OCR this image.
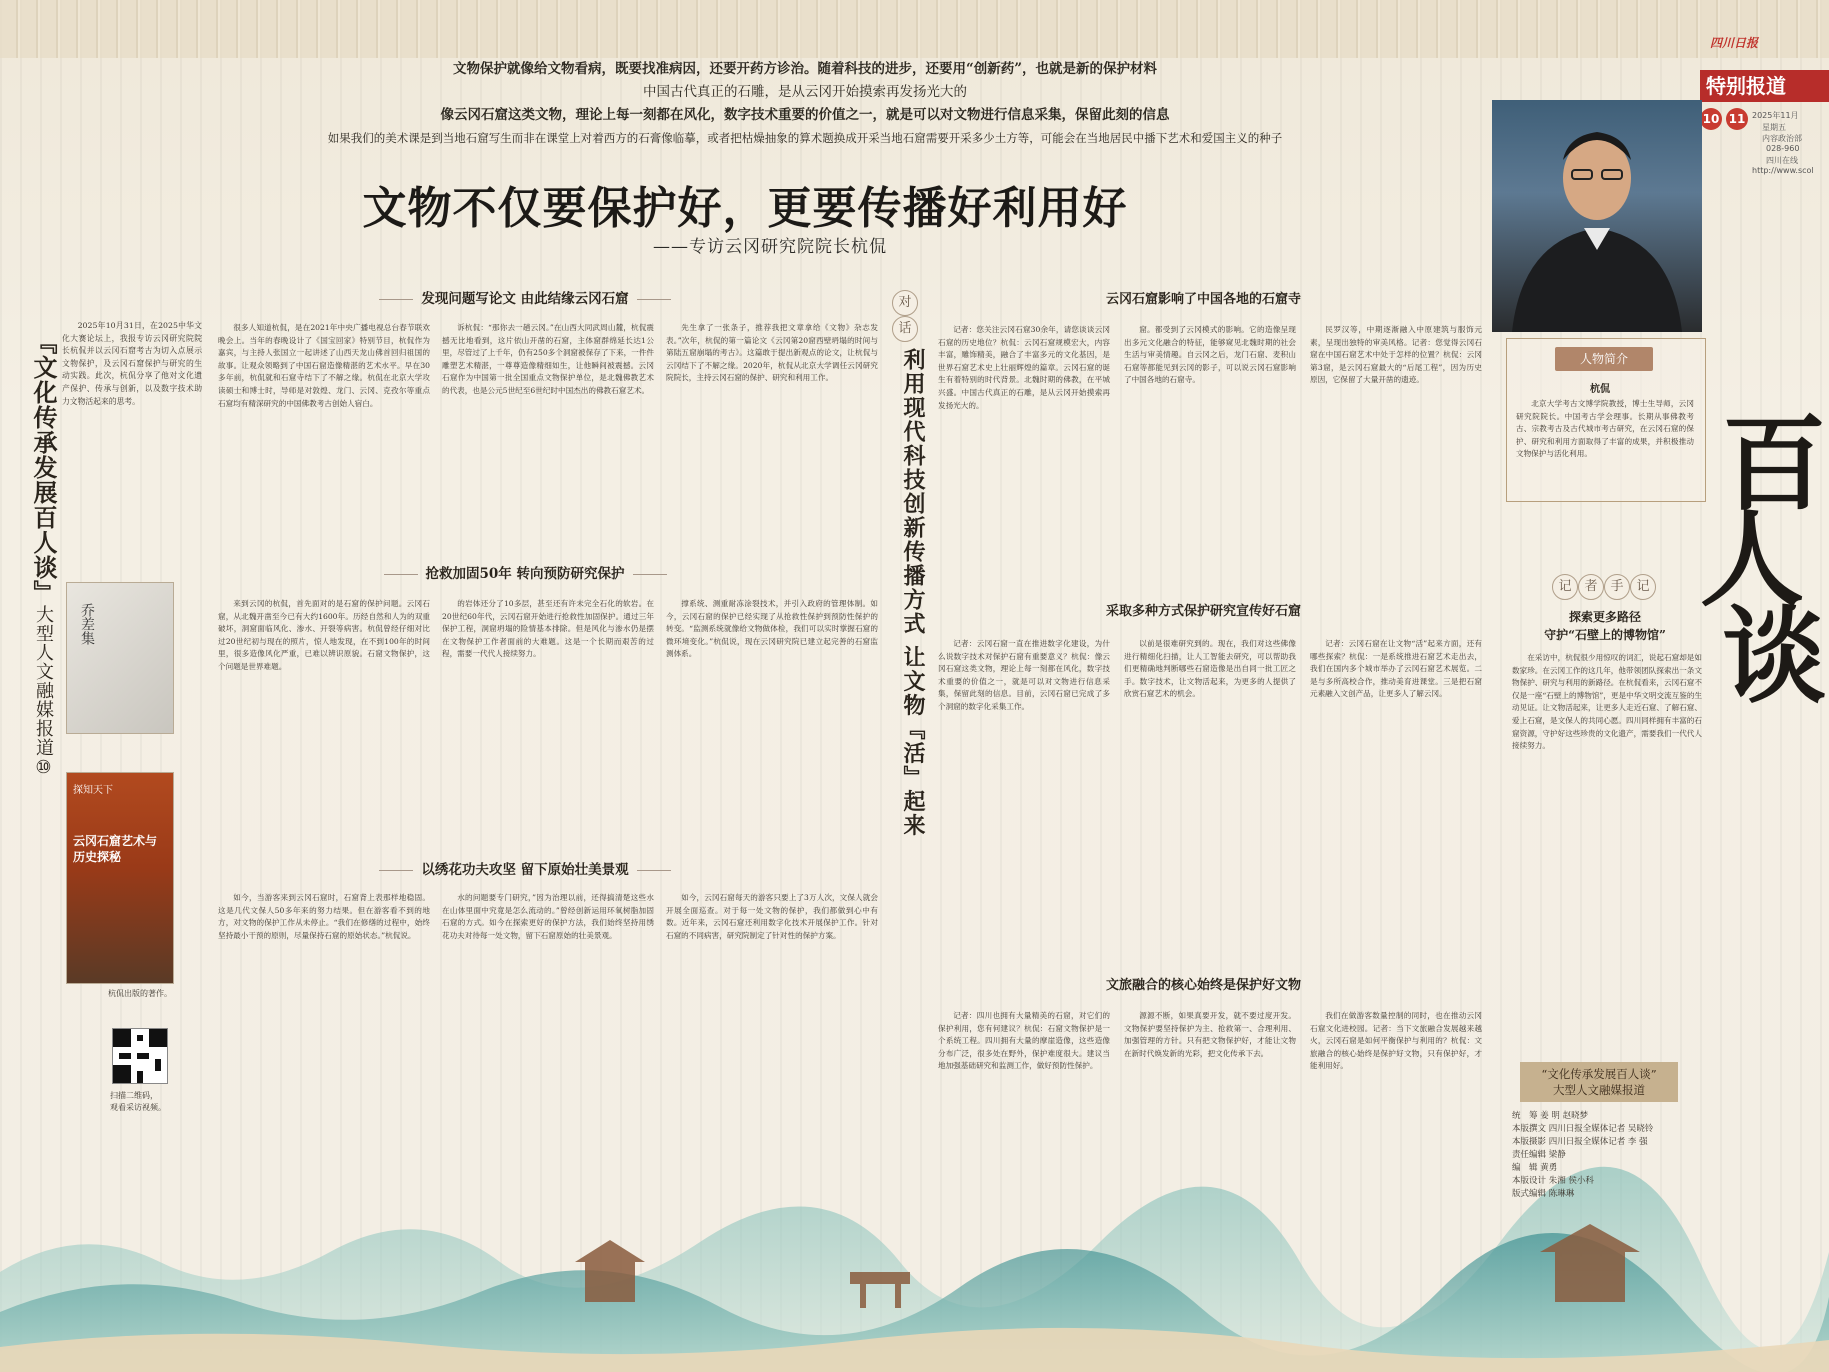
文物保护就像给文物看病，既要找准病因，还要开药方诊治。随着科技的进步，还要用“创新药”，也就是新的保护材料
中国古代真正的石雕，是从云冈开始摸索再发扬光大的
像云冈石窟这类文物，理论上每一刻都在风化，数字技术重要的价值之一，就是可以对文物进行信息采集，保留此刻的信息
如果我们的美术课是到当地石窟写生而非在课堂上对着西方的石膏像临摹，或者把枯燥抽象的算术题换成开采当地石窟需要开采多少土方等，可能会在当地居民中播下艺术和爱国主义的种子
文物不仅要保护好，更要传播好利用好
——专访云冈研究院院长杭侃
四川日报
特别报道
10 11 2025年11月
星期五
内容政治部
028-960
四川在线
http://www.scol
『文化传承发展百人谈』大型人文融媒报道⑩

2025年10月31日，在2025中华文化大赛论坛上，我报专访云冈研究院院长杭侃并以云冈石窟考古为切入点展示文物保护，及云冈石窟保护与研究的生动实践。此次，杭侃分享了他对文化遗产保护、传承与创新，以及数字技术助力文物活起来的思考。

乔差集
探知天下
云冈石窟艺术与历史探秘
杭侃出版的著作。
扫描二维码，
观看采访视频。
发现问题写论文 由此结缘云冈石窟
抢救加固50年 转向预防研究保护
以绣花功夫攻坚 留下原始壮美景观

很多人知道杭侃，是在2021年中央广播电视总台春节联欢晚会上。当年的春晚设计了《国宝回家》特别节目，杭侃作为嘉宾，与主持人张国立一起讲述了山西天龙山佛首回归祖国的故事。让观众领略到了中国石窟造像精湛的艺术水平。早在30多年前，杭侃就和石窟寺结下了不解之缘。杭侃在北京大学攻读硕士和博士时，导师是对敦煌、龙门、云冈、克孜尔等重点石窟均有精深研究的中国佛教考古创始人宿白。

诉杭侃：“那你去一趟云冈。”在山西大同武周山麓，杭侃震撼无比地看到，这片依山开凿的石窟，主体窟群绵延长达1公里，尽管过了上千年，仍有250多个洞窟被保存了下来，一件件雕塑艺术精湛，一尊尊造像精细如生，让他瞬间被震撼。云冈石窟作为中国第一批全国重点文物保护单位，是北魏佛教艺术的代表，也是公元5世纪至6世纪时中国杰出的佛教石窟艺术。

先生拿了一张条子，推荐我把文章拿给《文物》杂志发表。”次年，杭侃的第一篇论文《云冈第20窟西壁坍塌的时间与第陆五窟崩塌的考古》。这篇敢于提出新观点的论文，让杭侃与云冈结下了不解之缘。2020年，杭侃从北京大学调任云冈研究院院长，主持云冈石窟的保护、研究和利用工作。

来到云冈的杭侃，首先面对的是石窟的保护问题。云冈石窟，从北魏开凿至今已有大约1600年。历经自然和人为的双重破坏，洞窟面临风化、渗水、开裂等病害。杭侃曾经仔细对比过20世纪初与现在的照片，惊人地发现，在不到100年的时间里，很多造像风化严重，已难以辨识原貌。石窟文物保护，这个问题是世界难题。

的岩体还分了10多层，甚至还有许未完全石化的软岩。在20世纪60年代，云冈石窟开始进行抢救性加固保护。通过三年保护工程，洞窟坍塌的险情基本排除。但是风化与渗水仍是摆在文物保护工作者面前的大难题。这是一个长期而艰苦的过程，需要一代代人接续努力。

撑系统、测重耐冻涂裂技术，并引入政府的管理体制。如今，云冈石窟的保护已经实现了从抢救性保护到预防性保护的转变。“监测系统就像给文物做体检，我们可以实时掌握石窟的微环境变化。”杭侃说，现在云冈研究院已建立起完善的石窟监测体系。

如今，当游客来到云冈石窟时，石窟背上表那样地稳固。这是几代文保人50多年来的努力结果。但在游客看不到的地方，对文物的保护工作从未停止。“我们在修缮的过程中，始终坚持最小干预的原则，尽量保持石窟的原始状态。”杭侃说。

水的问题要专门研究，”因为治理以前，还得搞清楚这些水在山体里面中究竟是怎么流动的。”曾经创新运用环氧树脂加固石窟的方式。如今在探索更好的保护方法，我们始终坚持用绣花功夫对待每一处文物，留下石窟原始的壮美景观。

如今，云冈石窟每天的游客只要上了3万人次，文保人就会开展全面巡查。对于每一处文物的保护，我们都做到心中有数。近年来，云冈石窟还利用数字化技术开展保护工作。针对石窟的不同病害，研究院制定了针对性的保护方案。

对
话
利用现代科技创新传播方式 让文物『活』起来
云冈石窟影响了中国各地的石窟寺
采取多种方式保护研究宣传好石窟
文旅融合的核心始终是保护好文物

记者：您关注云冈石窟30余年，请您谈谈云冈石窟的历史地位？杭侃：云冈石窟规模宏大，内容丰富，雕饰精美，融合了丰富多元的文化基因，是世界石窟艺术史上壮丽辉煌的篇章。云冈石窟的诞生有着特别的时代背景。北魏时期的佛教，在平城兴盛。中国古代真正的石雕，是从云冈开始摸索再发扬光大的。

窟。都受到了云冈模式的影响。它的造像呈现出多元文化融合的特征，能够窥见北魏时期的社会生活与审美情趣。自云冈之后，龙门石窟、麦积山石窟等都能见到云冈的影子，可以说云冈石窟影响了中国各地的石窟寺。

民罗汉等，中期逐渐融入中原建筑与服饰元素，呈现出独特的审美风格。记者：您觉得云冈石窟在中国石窟艺术中处于怎样的位置？杭侃：云冈第3窟，是云冈石窟最大的“后尾工程”，因为历史原因，它保留了大量开凿的遗迹。

记者：云冈石窟一直在推进数字化建设，为什么说数字技术对保护石窟有重要意义？杭侃：像云冈石窟这类文物，理论上每一刻都在风化，数字技术重要的价值之一，就是可以对文物进行信息采集，保留此刻的信息。目前，云冈石窟已完成了多个洞窟的数字化采集工作。

以前是很难研究到的。现在，我们对这些佛像进行精细化扫描，让人工智能去研究，可以帮助我们更精确地判断哪些石窟造像是出自同一批工匠之手。数字技术，让文物活起来，为更多的人提供了欣赏石窟艺术的机会。

记者：云冈石窟在让文物“活”起来方面，还有哪些探索？杭侃：一是系统推进石窟艺术走出去，我们在国内多个城市举办了云冈石窟艺术展览。二是与多所高校合作，推动美育进课堂。三是把石窟元素融入文创产品，让更多人了解云冈。

记者：四川也拥有大量精美的石窟，对它们的保护利用，您有何建议？杭侃：石窟文物保护是一个系统工程。四川拥有大量的摩崖造像，这些造像分布广泛，很多处在野外，保护难度很大。建议当地加强基础研究和监测工作，做好预防性保护。

源源不断，如果真要开发，就不要过度开发。文物保护要坚持保护为主、抢救第一、合理利用、加强管理的方针。只有把文物保护好，才能让文物在新时代焕发新的光彩，把文化传承下去。

我们在做游客数量控制的同时，也在推动云冈石窟文化进校园。记者：当下文旅融合发展越来越火，云冈石窟是如何平衡保护与利用的？杭侃：文旅融合的核心始终是保护好文物，只有保护好，才能利用好。

人物简介
杭侃

北京大学考古文博学院教授，博士生导师，云冈研究院院长。中国考古学会理事。长期从事佛教考古、宗教考古及古代城市考古研究，在云冈石窟的保护、研究和利用方面取得了丰富的成果，并积极推动文物保护与活化利用。	百
人
谈
记 者 手 记
探索更多路径
守护“石壁上的博物馆”

在采访中，杭侃很少用惊叹的词汇，说起石窟却是如数家珍。在云冈工作的这几年，他带领团队探索出一条文物保护、研究与利用的新路径。在杭侃看来，云冈石窟不仅是一座“石壁上的博物馆”，更是中华文明交流互鉴的生动见证。让文物活起来，让更多人走近石窟、了解石窟、爱上石窟，是文保人的共同心愿。四川同样拥有丰富的石窟资源，守护好这些珍贵的文化遗产，需要我们一代代人接续努力。

“文化传承发展百人谈”
大型人文融媒报道
统　筹 姜 明 赵晓梦
本版撰文 四川日报全媒体记者 吴晓铃
本版摄影 四川日报全媒体记者 李 强
责任编辑 梁静
编　辑 黄勇
本版设计 朱湘 侯小科
版式编辑 陈琳琳
